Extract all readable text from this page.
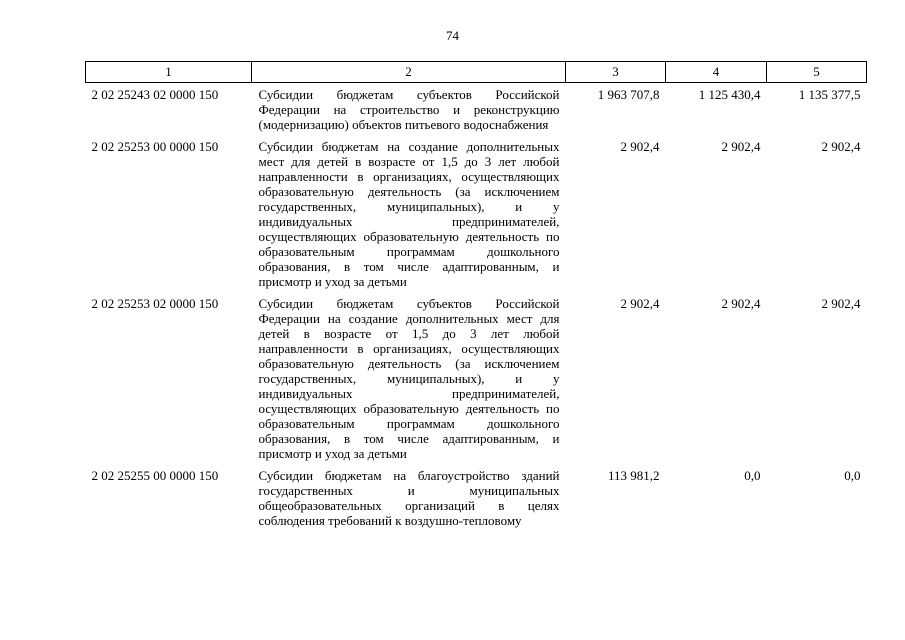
74
1	2	3	4	5
2 02 25243 02 0000 150	Субсидии бюджетам субъектов Российской Федерации на строительство и реконструкцию (модернизацию) объектов питьевого водоснабжения	1 963 707,8	1 125 430,4	1 135 377,5
2 02 25253 00 0000 150	Субсидии бюджетам на создание дополнительных мест для детей в возрасте от 1,5 до 3 лет любой направленности в организациях, осуществляющих образовательную деятельность (за исключением государственных, муниципальных), и у индивидуальных предпринимателей, осуществляющих образовательную деятельность по образовательным программам дошкольного образования, в том числе адаптированным, и присмотр и уход за детьми	2 902,4	2 902,4	2 902,4
2 02 25253 02 0000 150	Субсидии бюджетам субъектов Российской Федерации на создание дополнительных мест для детей в возрасте от 1,5 до 3 лет любой направленности в организациях, осуществляющих образовательную деятельность (за исключением государственных, муниципальных), и у индивидуальных предпринимателей, осуществляющих образовательную деятельность по образовательным программам дошкольного образования, в том числе адаптированным, и присмотр и уход за детьми	2 902,4	2 902,4	2 902,4
2 02 25255 00 0000 150	Субсидии бюджетам на благоустройство зданий государственных и муниципальных общеобразовательных организаций в целях соблюдения требований к воздушно-тепловому	113 981,2	0,0	0,0
